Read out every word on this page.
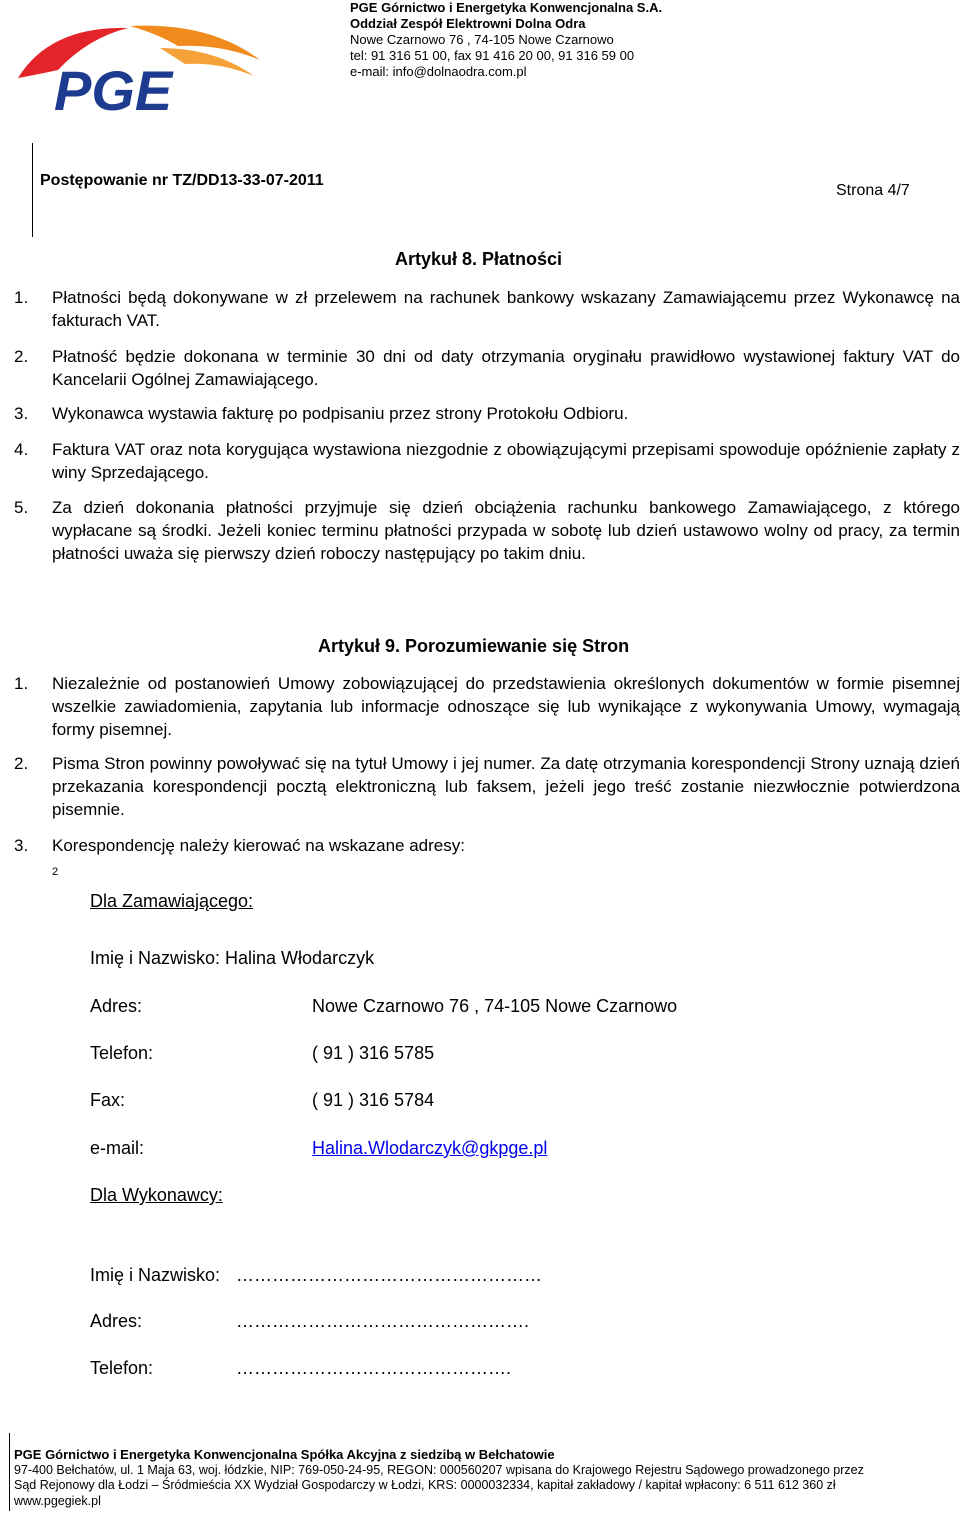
PGE
PGE Górnictwo i Energetyka Konwencjonalna S.A.
Oddział Zespół Elektrowni Dolna Odra
Nowe Czarnowo 76 , 74-105 Nowe Czarnowo
tel: 91 316 51 00, fax 91 416 20 00, 91 316 59 00
e-mail: info@dolnaodra.com.pl
Postępowanie nr TZ/DD13-33-07-2011
Strona 4/7
Artykuł 8. Płatności
1. Płatności będą dokonywane w zł przelewem na rachunek bankowy wskazany Zamawiającemu przez Wykonawcę na fakturach VAT.
2. Płatność będzie dokonana w terminie 30 dni od daty otrzymania oryginału prawidłowo wystawionej faktury VAT do Kancelarii Ogólnej Zamawiającego.
3. Wykonawca wystawia fakturę po podpisaniu przez strony Protokołu Odbioru.
4. Faktura VAT oraz nota korygująca wystawiona niezgodnie z obowiązującymi przepisami spowoduje opóźnienie zapłaty z winy Sprzedającego.
5. Za dzień dokonania płatności przyjmuje się dzień obciążenia rachunku bankowego Zamawiającego, z którego wypłacane są środki. Jeżeli koniec terminu płatności przypada w sobotę lub dzień ustawowo wolny od pracy, za termin płatności uważa się pierwszy dzień roboczy następujący po takim dniu.
Artykuł 9. Porozumiewanie się Stron
1. Niezależnie od postanowień Umowy zobowiązującej do przedstawienia określonych dokumentów w formie pisemnej wszelkie zawiadomienia, zapytania lub informacje odnoszące się lub wynikające z wykonywania Umowy, wymagają formy pisemnej.
2. Pisma Stron powinny powoływać się na tytuł Umowy i jej numer. Za datę otrzymania korespondencji Strony uznają dzień przekazania korespondencji pocztą elektroniczną lub faksem, jeżeli jego treść zostanie niezwłocznie potwierdzona pisemnie.
3. Korespondencję należy kierować na wskazane adresy:
2
Dla Zamawiającego:
Imię i Nazwisko: Halina Włodarczyk
Adres:	Nowe Czarnowo 76 , 74-105 Nowe Czarnowo
Telefon:	( 91 ) 316 5785
Fax:	( 91 ) 316 5784
e-mail:	Halina.Wlodarczyk@gkpge.pl
Dla Wykonawcy:
Imię i Nazwisko: ……………………………………………
Adres:	………………………………………….
Telefon:	……………………………………….
PGE Górnictwo i Energetyka Konwencjonalna Spółka Akcyjna z siedzibą w Bełchatowie
97-400 Bełchatów, ul. 1 Maja 63, woj. łódzkie, NIP: 769-050-24-95, REGON: 000560207 wpisana do Krajowego Rejestru Sądowego prowadzonego przez
Sąd Rejonowy dla Łodzi – Śródmieścia XX Wydział Gospodarczy w Łodzi, KRS: 0000032334, kapitał zakładowy / kapitał wpłacony: 6 511 612 360 zł
www.pgegiek.pl
